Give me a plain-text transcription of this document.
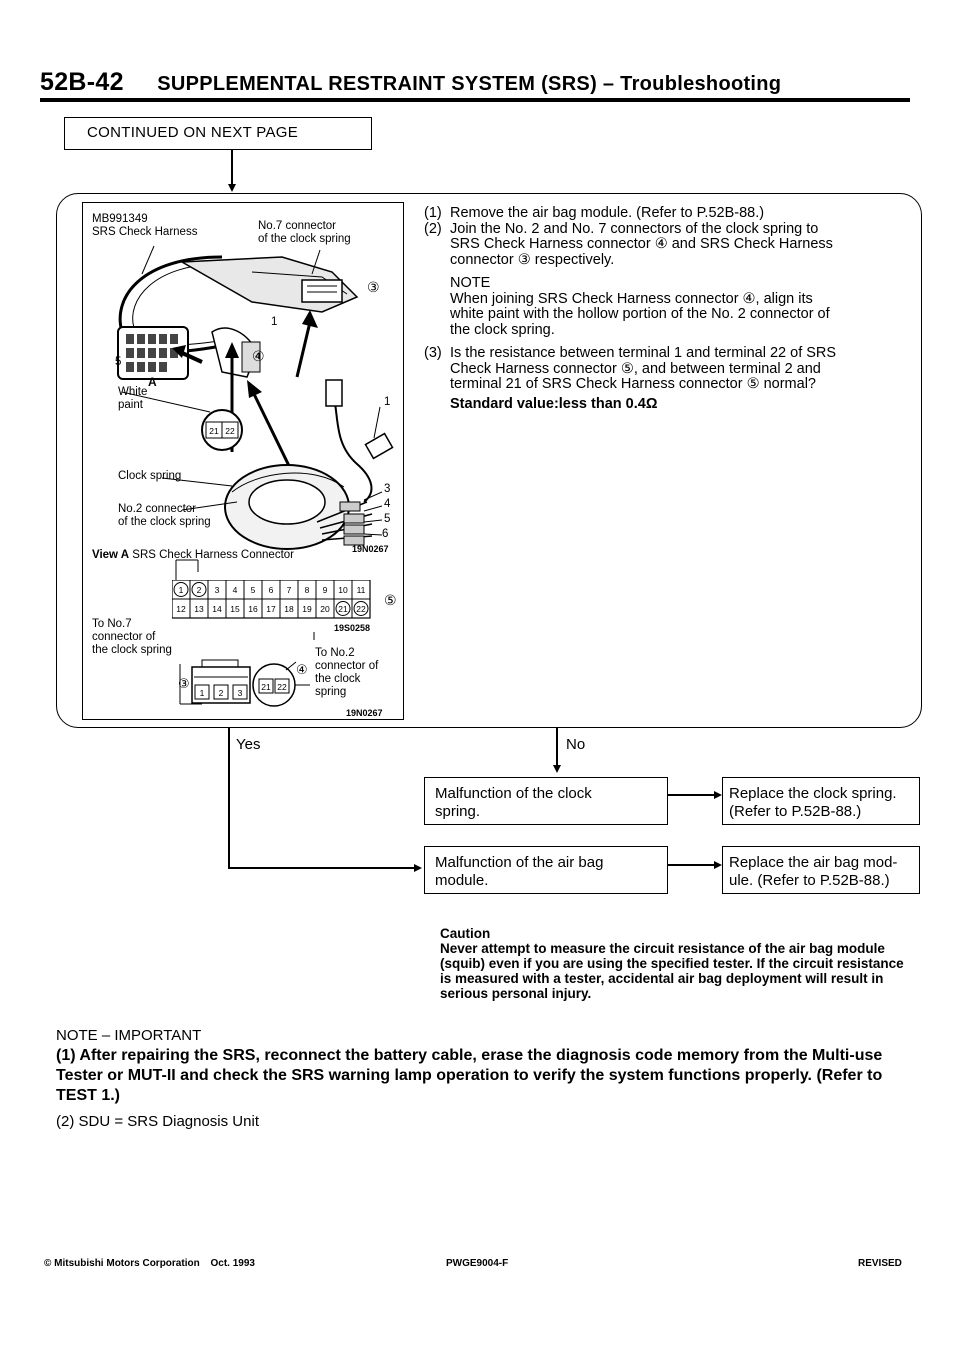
52B-42 SUPPLEMENTAL RESTRAINT SYSTEM (SRS) – Troubleshooting
CONTINUED ON NEXT PAGE
MB991349
SRS Check Harness	No.7 connector
of the clock spring
③
1
5	④
A
1
White
paint
21 22
Clock spring
3
4
No.2 connector
of the clock spring	5
6
View A SRS Check Harness Connector	19N0267
1 2 3 4 5 6 7 8 9 10 11
12 13 14 15 16 17 18 19 20 21 22
⑤
19S0258
To No.7
connector of
the clock spring	To No.2
connector of
the clock
spring
19N0267
③
④
1 2 3
21 22
(1) Remove the air bag module. (Refer to P.52B-88.)
(2) Join the No. 2 and No. 7 connectors of the clock spring to SRS Check Harness connector ④ and SRS Check Harness connector ③ respectively.
NOTE
When joining SRS Check Harness connector ④, align its white paint with the hollow portion of the No. 2 connector of the clock spring.
(3) Is the resistance between terminal 1 and terminal 22 of SRS Check Harness connector ⑤, and between terminal 2 and terminal 21 of SRS Check Harness connector ⑤ normal?
Standard value:less than 0.4Ω
Yes	No
Malfunction of the clock spring.
Replace the clock spring. (Refer to P.52B-88.)
Malfunction of the air bag module.
Replace the air bag mod- ule. (Refer to P.52B-88.)
Caution
Never attempt to measure the circuit resistance of the air bag module (squib) even if you are using the specified tester. If the circuit resistance is measured with a tester, accidental air bag deployment will result in serious personal injury.
NOTE – IMPORTANT
(1) After repairing the SRS, reconnect the battery cable, erase the diagnosis code memory from the Multi-use Tester or MUT-II and check the SRS warning lamp operation to verify the system functions properly. (Refer to TEST 1.)
(2) SDU = SRS Diagnosis Unit
© Mitsubishi Motors Corporation Oct. 1993	PWGE9004-F	REVISED
